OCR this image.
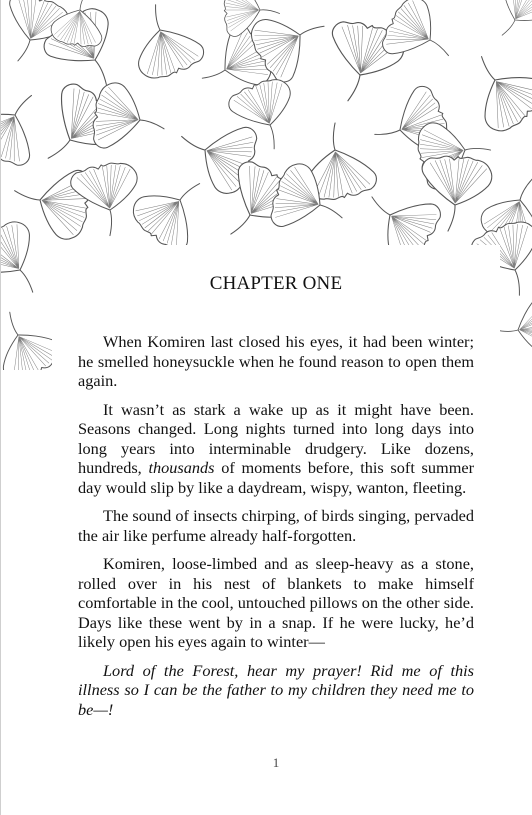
CHAPTER ONE

When Komiren last closed his eyes, it had been winter; he smelled honeysuckle when he found reason to open them again.

It wasn’t as stark a wake up as it might have been. Seasons changed. Long nights turned into long days into long years into interminable drudgery. Like dozens, hundreds, thousands of moments before, this soft summer day would slip by like a daydream, wispy, wanton, fleeting.

The sound of insects chirping, of birds singing, pervaded the air like perfume already half-forgotten.

Komiren, loose-limbed and as sleep-heavy as a stone, rolled over in his nest of blankets to make himself comfortable in the cool, untouched pillows on the other side. Days like these went by in a snap. If he were lucky, he’d likely open his eyes again to winter—

Lord of the Forest, hear my prayer! Rid me of this illness so I can be the father to my children they need me to be—!

1
